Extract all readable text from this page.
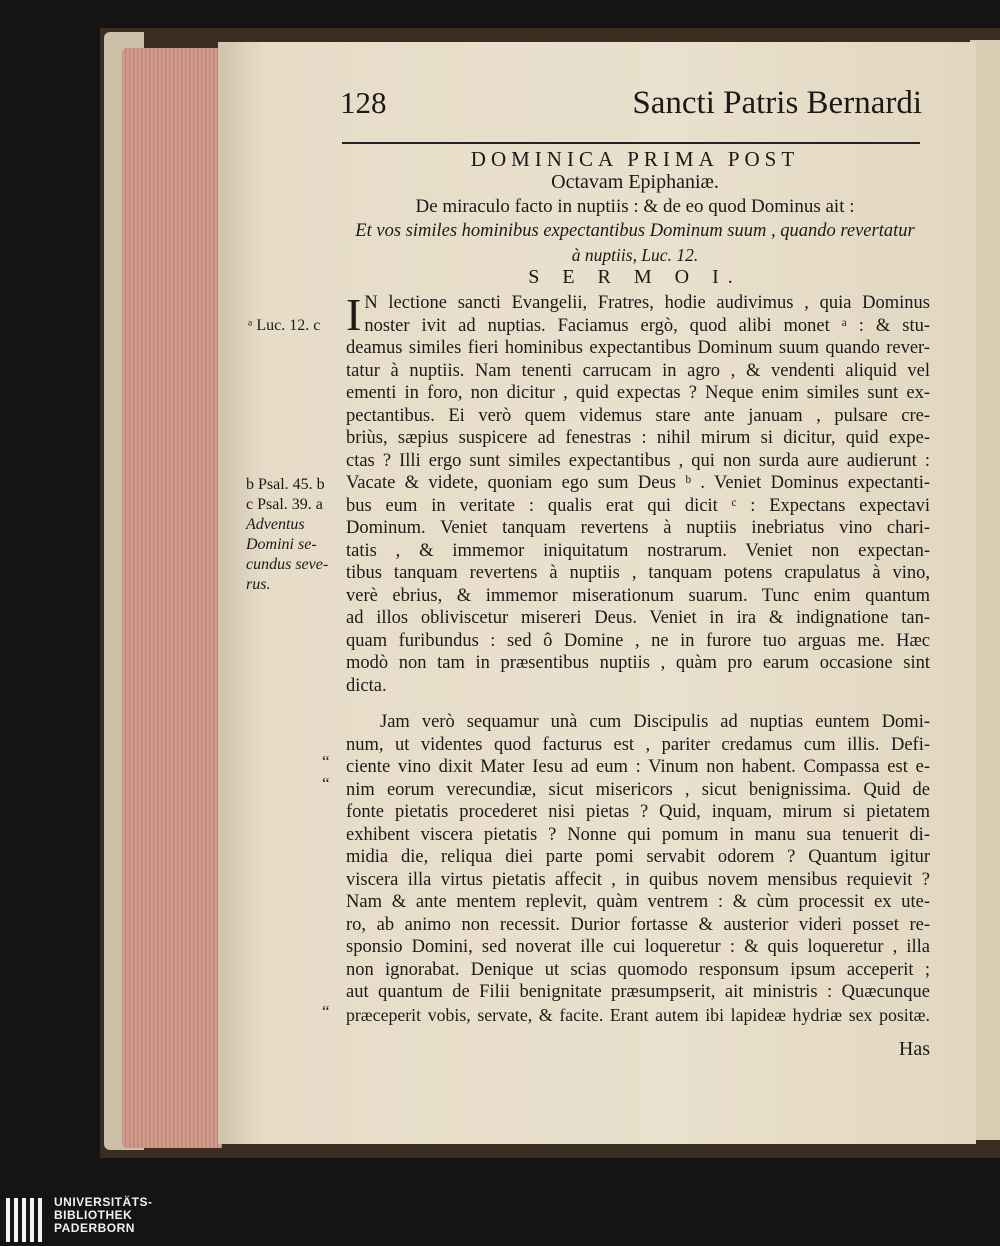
128	Sancti Patris Bernardi
DOMINICA PRIMA POST
Octavam Epiphaniæ.
De miraculo facto in nuptiis : & de eo quod Dominus ait :
Et vos similes hominibus expectantibus Dominum suum , quando revertatur
à nuptiis, Luc. 12.
S E R M O I.
I N lectione sancti Evangelii, Fratres, hodie audivimus , quia Dominus
noster ivit ad nuptias. Faciamus ergò, quod alibi monet ᵃ : & stu-
deamus similes fieri hominibus expectantibus Dominum suum quando rever-
tatur à nuptiis. Nam tenenti carrucam in agro , & vendenti aliquid vel
ementi in foro, non dicitur , quid expectas ? Neque enim similes sunt ex-
pectantibus. Ei verò quem videmus stare ante januam , pulsare cre-
briùs, sæpius suspicere ad fenestras : nihil mirum si dicitur, quid expe-
ctas ? Illi ergo sunt similes expectantibus , qui non surda aure audierunt :
Vacate & videte, quoniam ego sum Deus ᵇ . Veniet Dominus expectanti-
bus eum in veritate : qualis erat qui dicit ᶜ : Expectans expectavi
Dominum. Veniet tanquam revertens à nuptiis inebriatus vino chari-
tatis , & immemor iniquitatum nostrarum. Veniet non expectan-
tibus tanquam revertens à nuptiis , tanquam potens crapulatus à vino,
verè ebrius, & immemor miserationum suarum. Tunc enim quantum
ad illos obliviscetur misereri Deus. Veniet in ira & indignatione tan-
quam furibundus : sed ô Domine , ne in furore tuo arguas me. Hæc
modò non tam in præsentibus nuptiis , quàm pro earum occasione sint
dicta.
Jam verò sequamur unà cum Discipulis ad nuptias euntem Domi-
num, ut videntes quod facturus est , pariter credamus cum illis. Defi-
ciente vino dixit Mater Iesu ad eum : Vinum non habent. Compassa est e-
nim eorum verecundiæ, sicut misericors , sicut benignissima. Quid de
fonte pietatis procederet nisi pietas ? Quid, inquam, mirum si pietatem
exhibent viscera pietatis ? Nonne qui pomum in manu sua tenuerit di-
midia die, reliqua diei parte pomi servabit odorem ? Quantum igitur
viscera illa virtus pietatis affecit , in quibus novem mensibus requievit ?
Nam & ante mentem replevit, quàm ventrem : & cùm processit ex ute-
ro, ab animo non recessit. Durior fortasse & austerior videri posset re-
sponsio Domini, sed noverat ille cui loqueretur : & quis loqueretur , illa
non ignorabat. Denique ut scias quomodo responsum ipsum acceperit ;
aut quantum de Filii benignitate præsumpserit, ait ministris : Quæcunque
præceperit vobis, servate, & facite. Erant autem ibi lapideæ hydriæ sex positæ.
Has
ᵃ Luc. 12. c
b Psal. 45. b
c Psal. 39. a
Adventus
Domini se-
cundus seve-
rus.
“
“
“
UNIVERSITÄTS-
BIBLIOTHEK
PADERBORN
